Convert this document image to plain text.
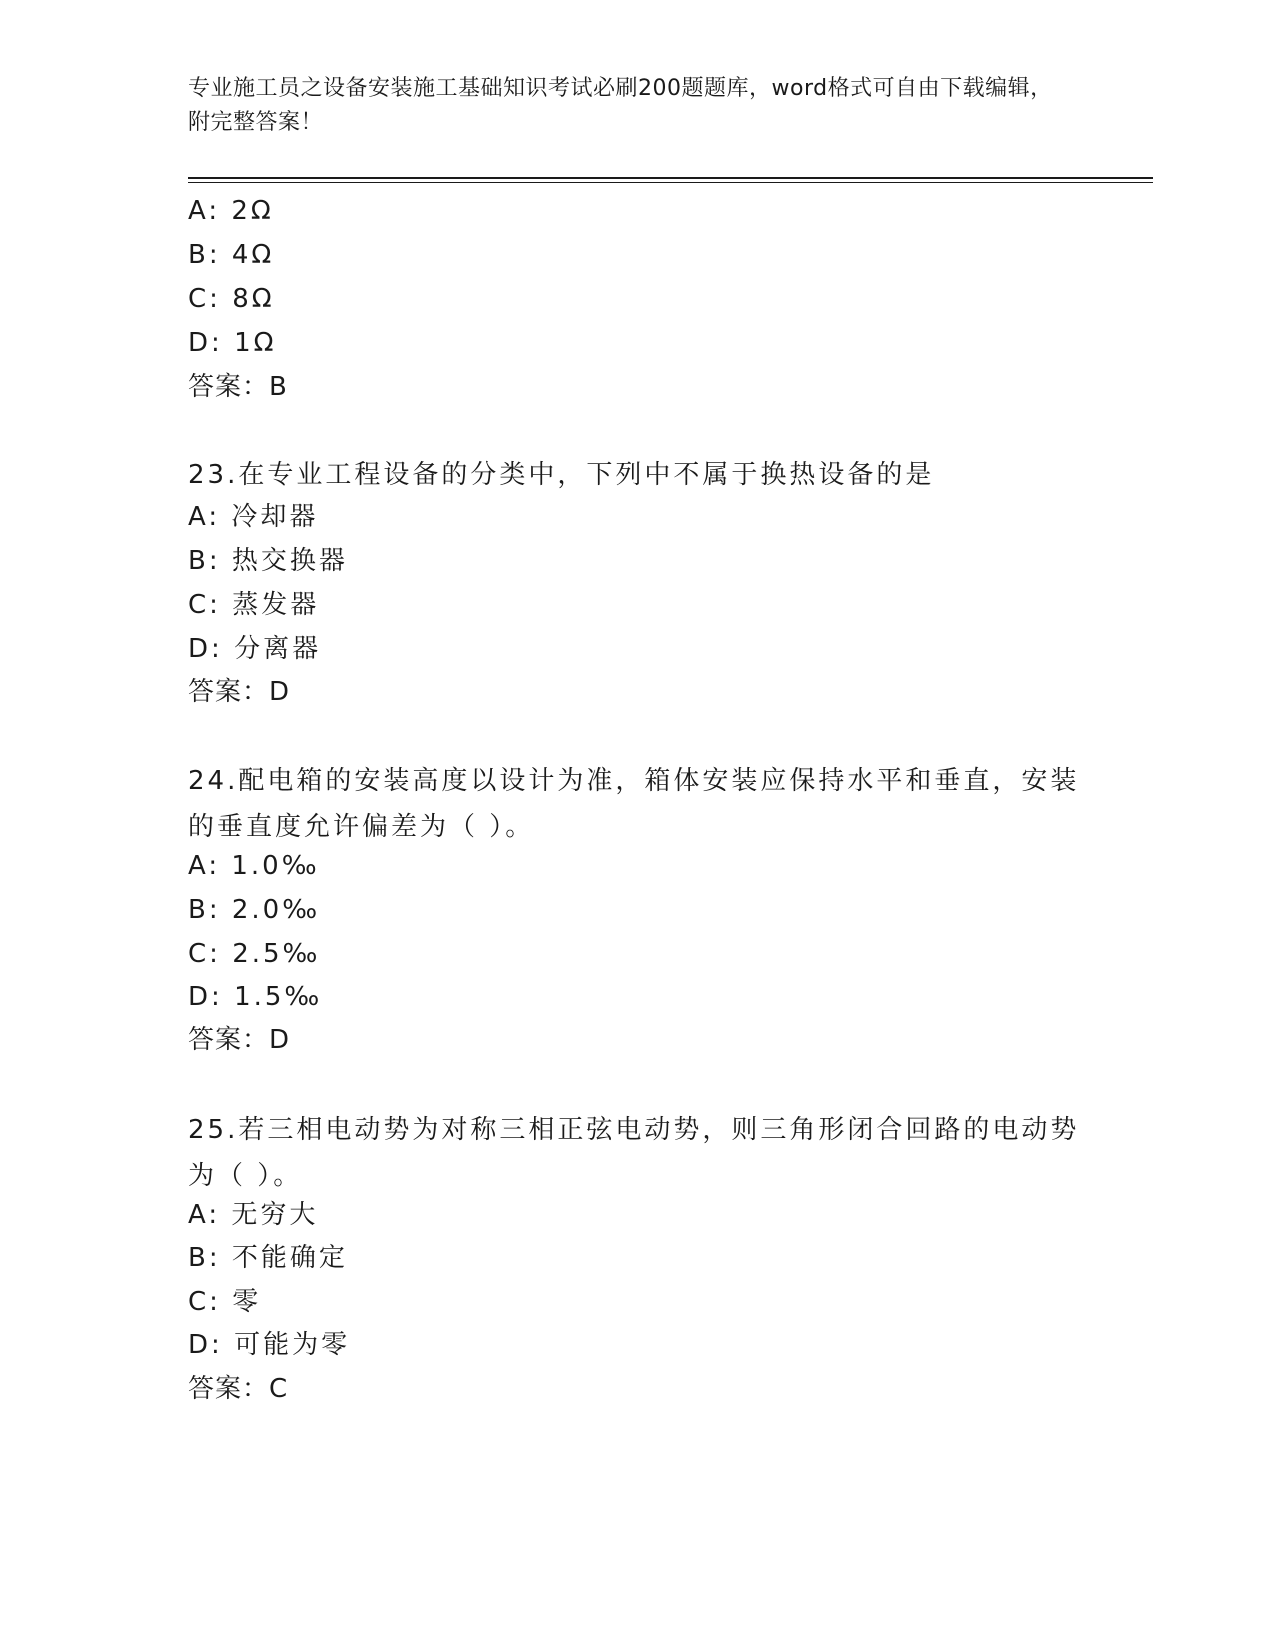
专业施工员之设备安装施工基础知识考试必刷200题题库，word格式可自由下载编辑，附完整答案！
A: 2Ω
B: 4Ω
C: 8Ω
D: 1Ω
答案：B
23.在专业工程设备的分类中，下列中不属于换热设备的是
A: 冷却器
B: 热交换器
C: 蒸发器
D: 分离器
答案：D
24.配电箱的安装高度以设计为准，箱体安装应保持水平和垂直，安装的垂直度允许偏差为（ ）。
A: 1.0‰
B: 2.0‰
C: 2.5‰
D: 1.5‰
答案：D
25.若三相电动势为对称三相正弦电动势，则三角形闭合回路的电动势为（ ）。
A: 无穷大
B: 不能确定
C: 零
D: 可能为零
答案：C
